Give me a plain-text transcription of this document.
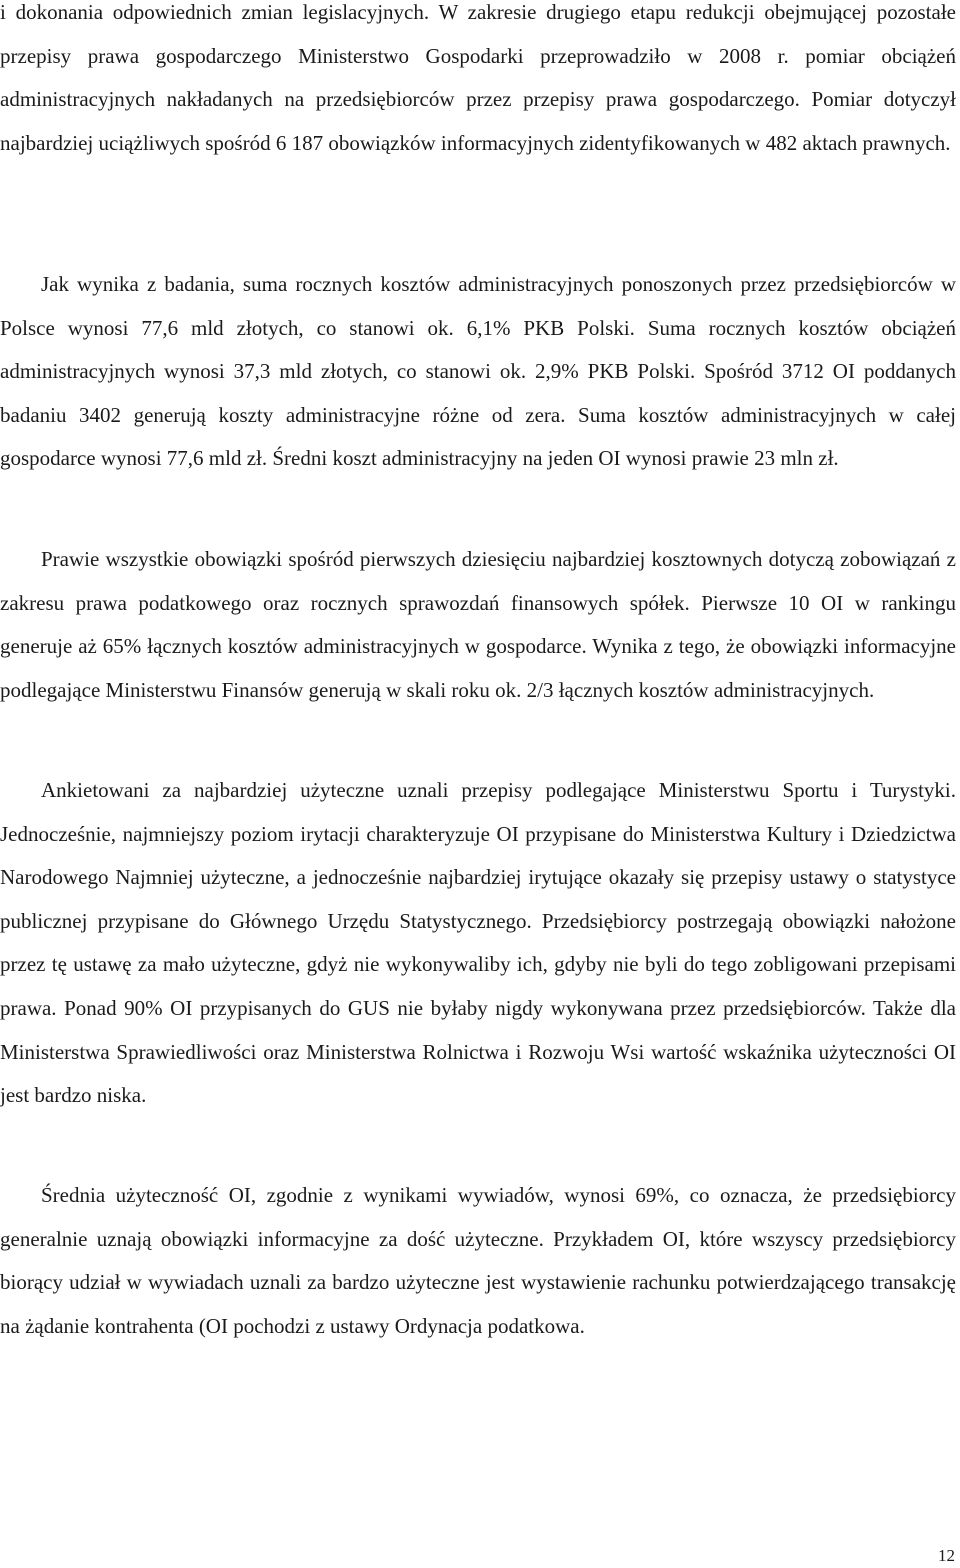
i dokonania odpowiednich zmian legislacyjnych. W zakresie drugiego etapu redukcji obejmującej pozostałe przepisy prawa gospodarczego Ministerstwo Gospodarki przeprowadziło w 2008 r. pomiar obciążeń administracyjnych nakładanych na przedsiębiorców przez przepisy prawa gospodarczego. Pomiar dotyczył najbardziej uciążliwych spośród 6 187 obowiązków informacyjnych zidentyfikowanych w 482 aktach prawnych.

Jak wynika z badania, suma rocznych kosztów administracyjnych ponoszonych przez przedsiębiorców w Polsce wynosi 77,6 mld złotych, co stanowi ok. 6,1% PKB Polski. Suma rocznych kosztów obciążeń administracyjnych wynosi 37,3 mld złotych, co stanowi ok. 2,9% PKB Polski. Spośród 3712 OI poddanych badaniu 3402 generują koszty administracyjne różne od zera. Suma kosztów administracyjnych w całej gospodarce wynosi 77,6 mld zł. Średni koszt administracyjny na jeden OI wynosi prawie 23 mln zł.

Prawie wszystkie obowiązki spośród pierwszych dziesięciu najbardziej kosztownych dotyczą zobowiązań z zakresu prawa podatkowego oraz rocznych sprawozdań finansowych spółek. Pierwsze 10 OI w rankingu generuje aż 65% łącznych kosztów administracyjnych w gospodarce. Wynika z tego, że obowiązki informacyjne podlegające Ministerstwu Finansów generują w skali roku ok. 2/3 łącznych kosztów administracyjnych.

Ankietowani za najbardziej użyteczne uznali przepisy podlegające Ministerstwu Sportu i Turystyki. Jednocześnie, najmniejszy poziom irytacji charakteryzuje OI przypisane do Ministerstwa Kultury i Dziedzictwa Narodowego Najmniej użyteczne, a jednocześnie najbardziej irytujące okazały się przepisy ustawy o statystyce publicznej przypisane do Głównego Urzędu Statystycznego. Przedsiębiorcy postrzegają obowiązki nałożone przez tę ustawę za mało użyteczne, gdyż nie wykonywaliby ich, gdyby nie byli do tego zobligowani przepisami prawa. Ponad 90% OI przypisanych do GUS nie byłaby nigdy wykonywana przez przedsiębiorców. Także dla Ministerstwa Sprawiedliwości oraz Ministerstwa Rolnictwa i Rozwoju Wsi wartość wskaźnika użyteczności OI jest bardzo niska.

Średnia użyteczność OI, zgodnie z wynikami wywiadów, wynosi 69%, co oznacza, że przedsiębiorcy generalnie uznają obowiązki informacyjne za dość użyteczne. Przykładem OI, które wszyscy przedsiębiorcy biorący udział w wywiadach uznali za bardzo użyteczne jest wystawienie rachunku potwierdzającego transakcję na żądanie kontrahenta (OI pochodzi z ustawy Ordynacja podatkowa.

12
